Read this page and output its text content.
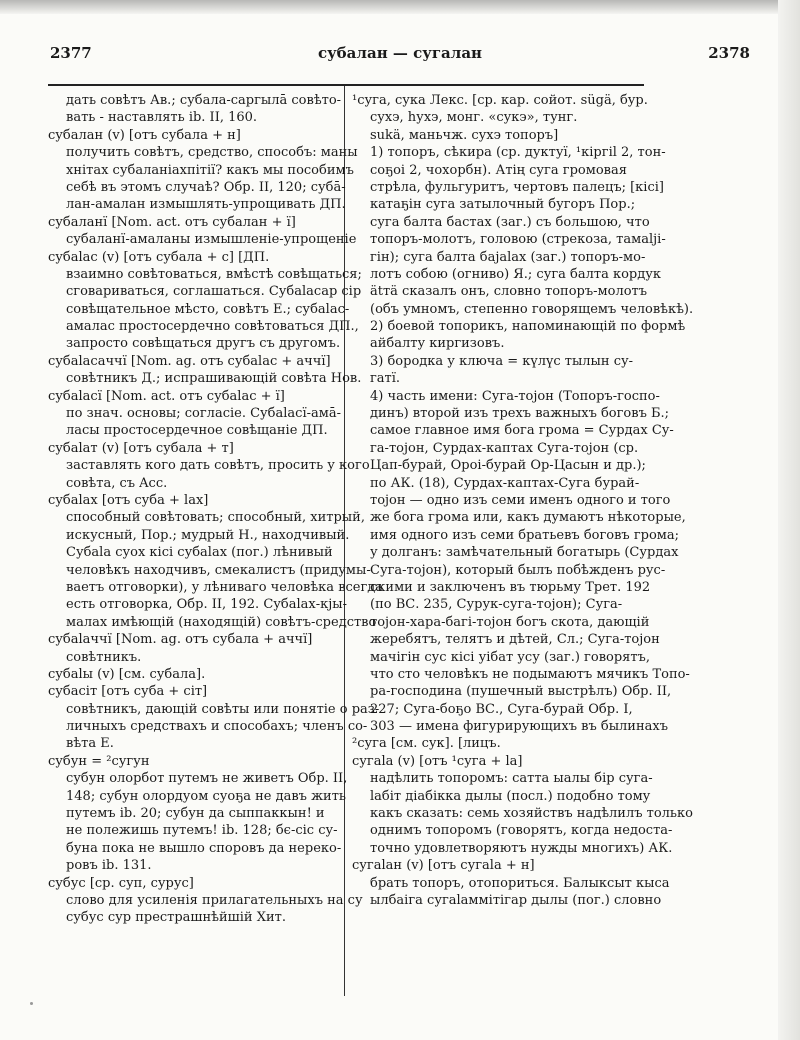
2377	субалан — сугалан	2378
дать совѣтъ Ав.; субала-саргылā совѣто-
вать - наставлять ib. II, 160.
субалан (v) [отъ субала + н]
получить совѣтъ, средство, способъ: маны
хнітах субаланіахпітії? какъ мы пособимъ
себѣ въ этомъ случаѣ? Обр. II, 120; субā-
лан-амалан измышлять-упрощивать ДП.
субаланї [Nom. act. отъ субалан + ї]
субаланї-амаланы измышленіе-упрощеніе
субаlас (v) [отъ субала + с] [ДП.
взаимно совѣтоваться, вмѣстѣ совѣщаться;
сговариваться, соглашаться. Субаlасар сір
совѣщательное мѣсто, совѣтъ Е.; субаlас-
амалас простосердечно совѣтоваться ДП.,
запросто совѣщаться другъ съ другомъ.
субаlасаччї [Nom. ag. отъ субаlас + аччї]
совѣтникъ Д.; испрашивающій совѣта Нов.
субаlасї [Nom. act. отъ субаlас + ї]
по знач. основы; согласіе. Субаlасї-амā-
ласы простосердечное совѣщаніе ДП.
субаlат (v) [отъ субала + т]
заставлять кого дать совѣтъ, просить у кого
совѣта, съ Acc.
субаlах [отъ суба + lах]
способный совѣтовать; способный, хитрый,
искусный, Пор.; мудрый Н., находчивый.
Субаlа суох кісі субаlах (пог.) лѣнивый
человѣкъ находчивъ, смекалистъ (придумы-
ваетъ отговорки), у лѣниваго человѣка всегда
есть отговорка, Обр. II, 192. Субаlах-кjы-
малах имѣющій (находящій) совѣтъ-средство
субаlаччї [Nom. ag. отъ субала + аччї]
совѣтникъ.
субаlы (v) [см. субала].
субасіт [отъ суба + сіт]
совѣтникъ, дающій совѣты или понятіе о раз-
личныхъ средствахъ и способахъ; членъ со-
вѣта Е.
субун = ²сугун
субун олорбот путемъ не живетъ Обр. II,
148; субун олордуом суоҕа не давъ жить
путемъ ib. 20; субун да сыппаккын! и
не полежишь путемъ! ib. 128; бє-сіс су-
буна пока не вышло споровъ да нереко-
ровъ ib. 131.
субус [ср. суп, сурус]
слово для усиленія прилагательныхъ на су
субус сур престрашнѣйшій Хит.
¹суга, сука Лекс. [ср. кар. сойот. sügä, бур.
сухэ, һухэ, монг. «сукэ», тунг.
sukä, маньчж. сухэ топоръ]
1) топоръ, сѣкира (ср. дуктуї, ¹кіргіl 2, тон-
соҕоі 2, чохорбн). Атің суга громовая
стрѣла, фульгуритъ, чертовъ палецъ; [кісі]
катаҕін суга затылочный бугоръ Пор.;
суга балта бастах (заг.) съ большою, что
топоръ-молотъ, головою (стрекоза, тамаljі-
гін); суга балта бајаlах (заг.) топоръ-мо-
лотъ собою (огниво) Я.; суга балта кордук
ätтä сказалъ онъ, словно топоръ-молотъ
(объ умномъ, степенно говорящемъ человѣкѣ).
2) боевой топорикъ, напоминающій по формѣ
айбалту киргизовъ.
3) бородка у ключа = күлүс тылын су-
гатї.
4) часть имени: Суга-тојон (Топоръ-госпо-
динъ) второй изъ трехъ важныхъ боговъ Б.;
самое главное имя бога грома = Сурдах Су-
га-тојон, Сурдах-каптах Суга-тојон (ср.
Цап-бурай, Ороі-бурай Ор-Цасын и др.);
по АК. (18), Сурдах-каптах-Суга бурай-
тојон — одно изъ семи именъ одного и того
же бога грома или, какъ думаютъ нѣкоторые,
имя одного изъ семи братьевъ боговъ грома;
у долганъ: замѣчательный богатырь (Сурдах
Суга-тојон), который былъ побѣжденъ рус-
скими и заключенъ въ тюрьму Трет. 192
(по ВС. 235, Сурук-суга-тојон); Суга-
тојон-хара-багі-тојон богъ скота, дающій
жеребятъ, телятъ и дѣтей, Сл.; Суга-тојон
мачігін сус кісі уібат усу (заг.) говорятъ,
что сто человѣкъ не подымаютъ мячикъ Топо-
ра-господина (пушечный выстрѣлъ) Обр. II,
227; Суга-боҕо ВС., Суга-бурай Обр. I,
303 — имена фигурирующихъ въ былинахъ
²суга [см. сук]. [лицъ.
сугаlа (v) [отъ ¹суга + lа]
надѣлить топоромъ: сатта ыалы бір суга-
lабіт діабікка дылы (посл.) подобно тому
какъ сказать: семь хозяйствъ надѣлилъ только
однимъ топоромъ (говорятъ, когда недоста-
точно удовлетворяютъ нужды многихъ) АК.
сугаlан (v) [отъ сугаlа + н]
брать топоръ, отопориться. Балыксыт кыса
ылбаіга сугаlаммітігар дылы (пог.) словно
